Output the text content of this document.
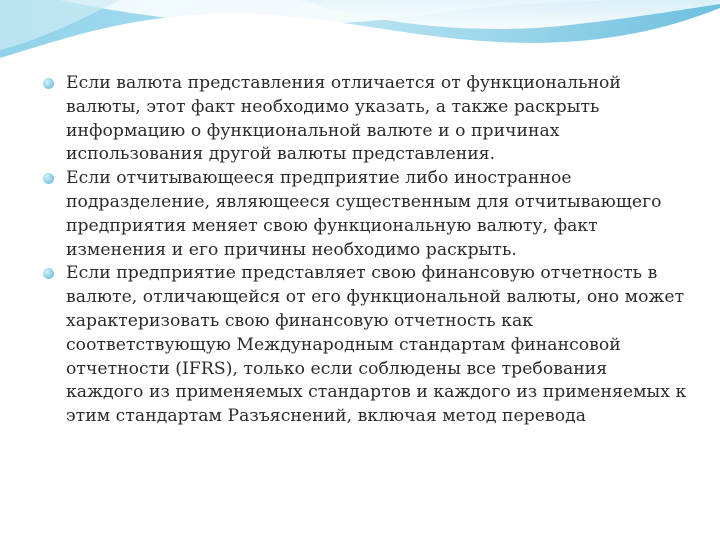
Если валюта представления отличается от функциональной валюты, этот факт необходимо указать, а также раскрыть информацию о функциональной валюте и о причинах использования другой валюты представления.
Если отчитывающееся предприятие либо иностранное подразделение, являющееся существенным для отчитывающего предприятия меняет свою функциональную валюту, факт изменения и его причины необходимо раскрыть.
Если предприятие представляет свою финансовую отчетность в валюте, отличающейся от его функциональной валюты, оно может характеризовать свою финансовую отчетность как соответствующую Международным стандартам финансовой отчетности (IFRS), только если соблюдены все требования каждого из применяемых стандартов и каждого из применяемых к этим стандартам Разъяснений, включая метод перевода
